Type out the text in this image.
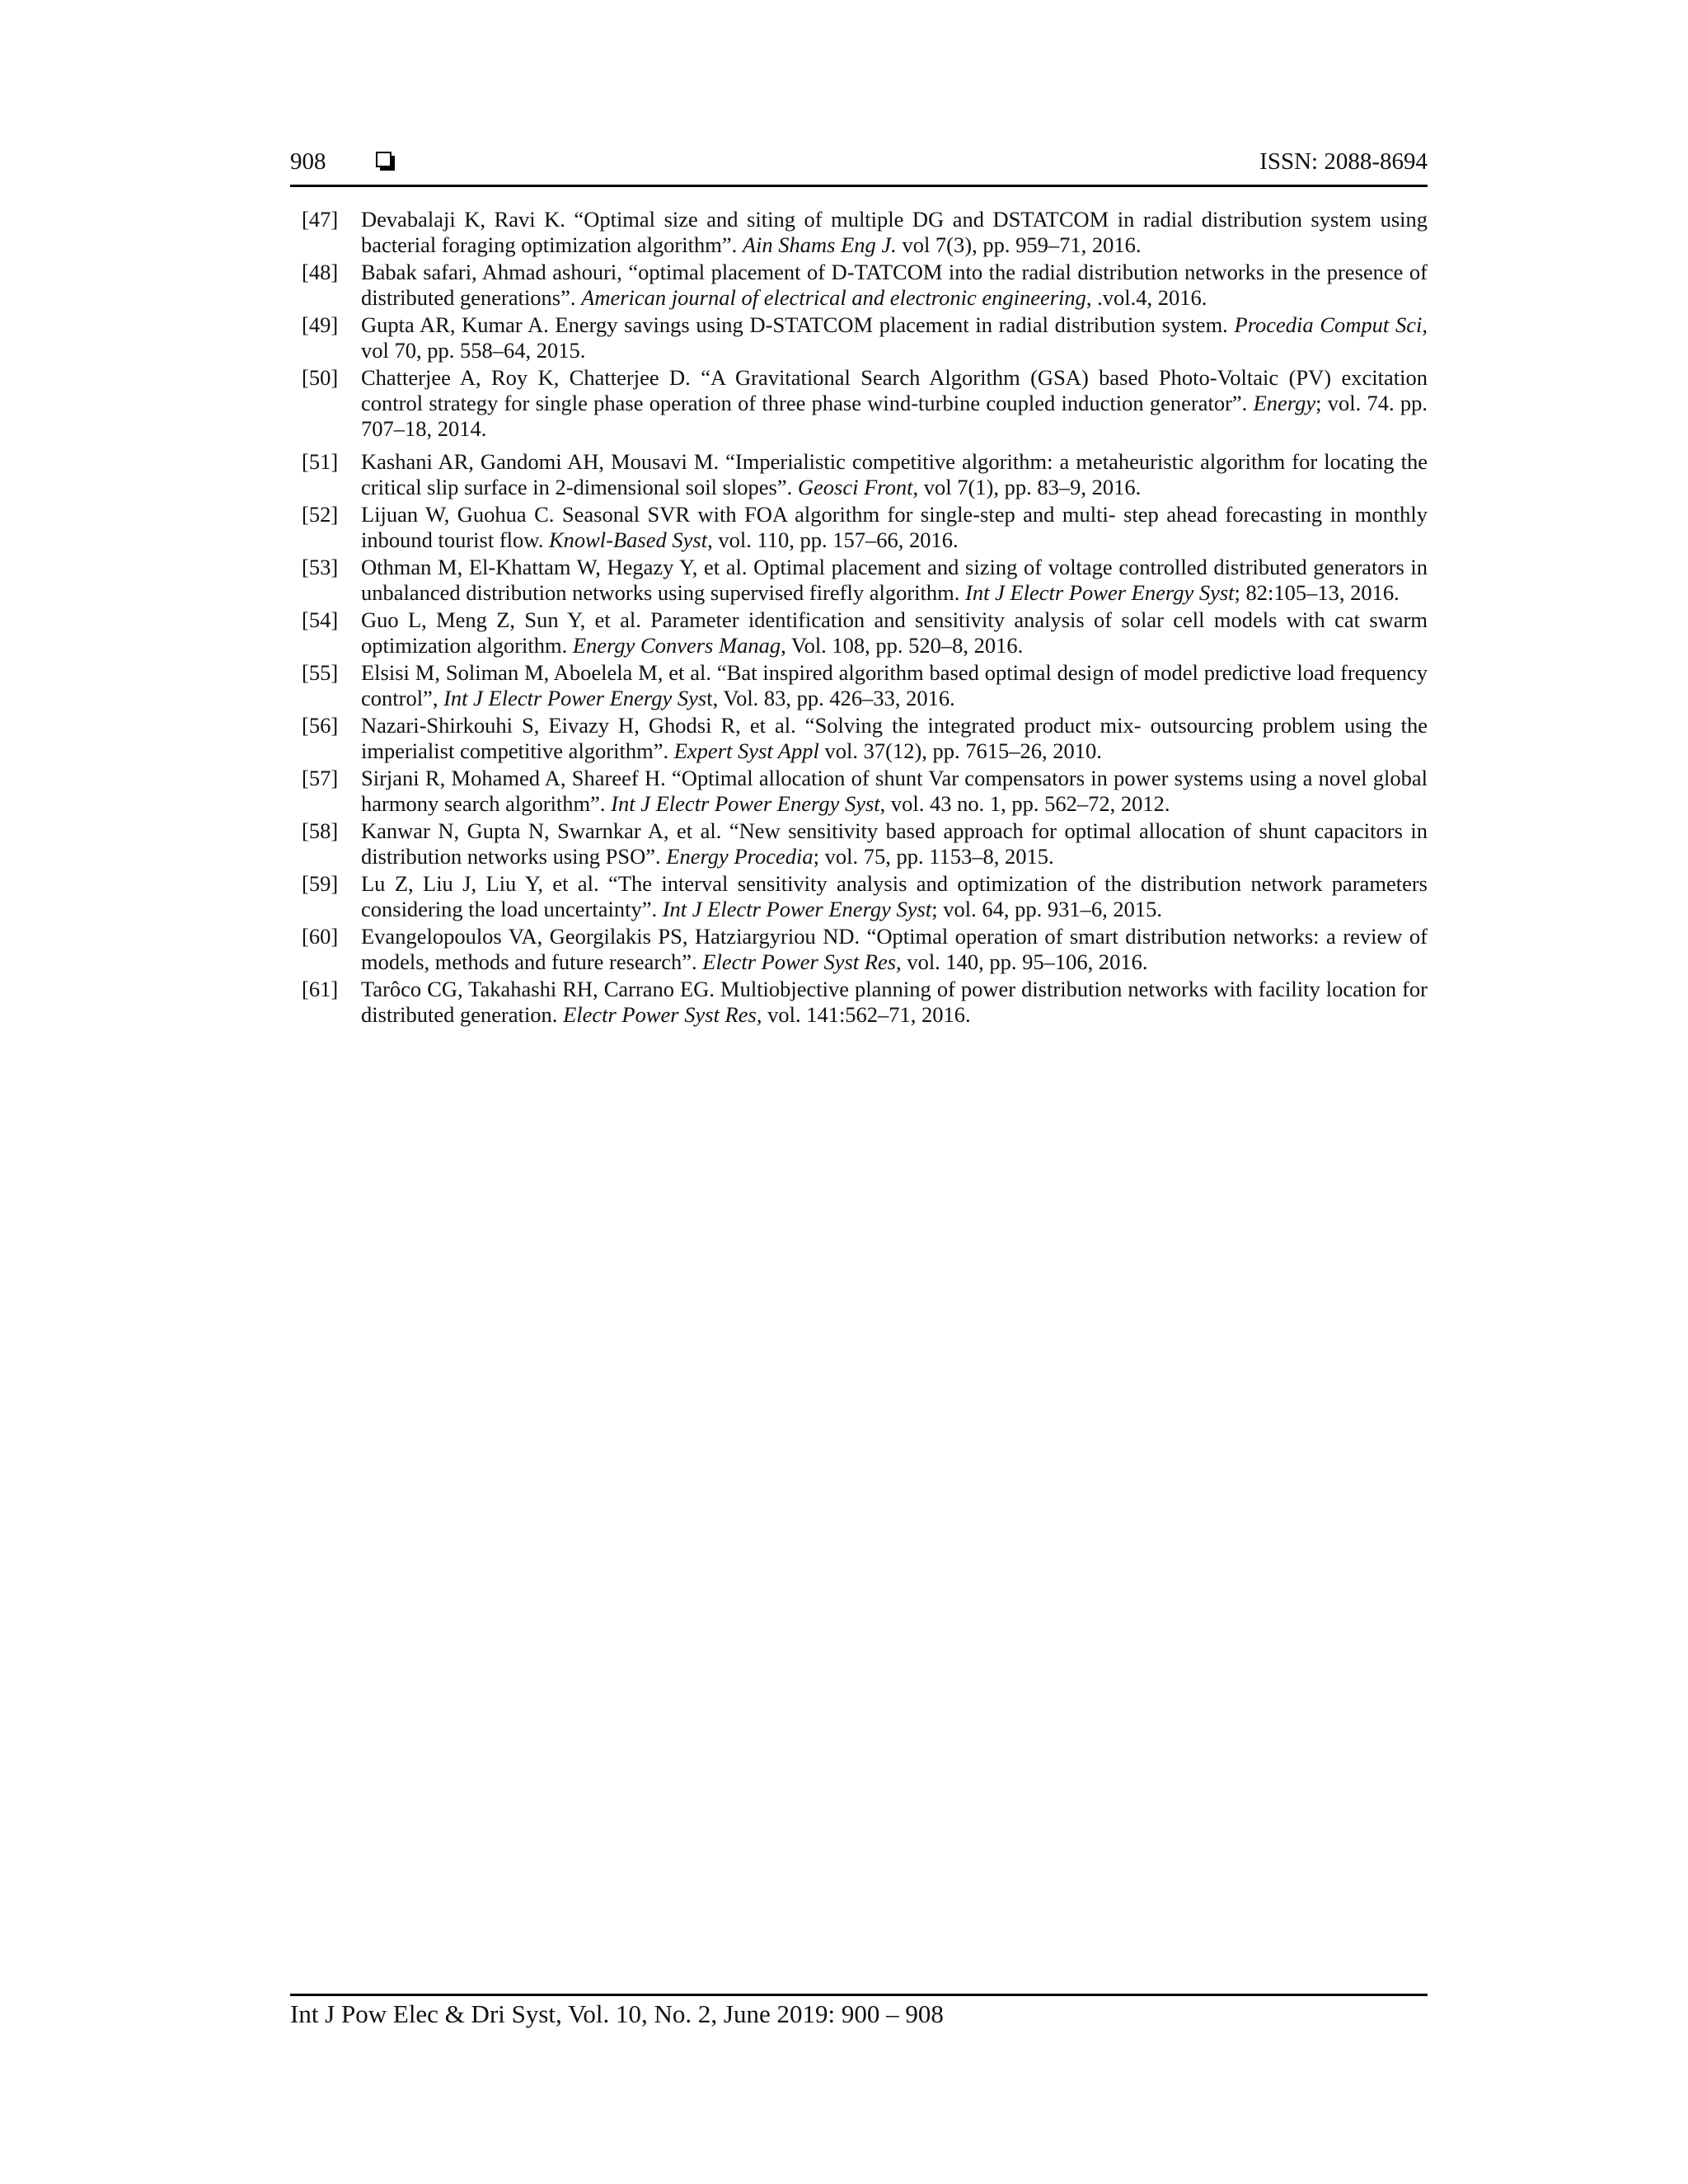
908	ISSN: 2088-8694
[47]	Devabalaji K, Ravi K. “Optimal size and siting of multiple DG and DSTATCOM in radial distribution system using bacterial foraging optimization algorithm”. Ain Shams Eng J. vol 7(3), pp. 959–71, 2016.
[48]	Babak safari, Ahmad ashouri, “optimal placement of D-TATCOM into the radial distribution networks in the presence of distributed generations”. American journal of electrical and electronic engineering, .vol.4, 2016.
[49]	Gupta AR, Kumar A. Energy savings using D-STATCOM placement in radial distribution system. Procedia Comput Sci, vol 70, pp. 558–64, 2015.
[50]	Chatterjee A, Roy K, Chatterjee D. “A Gravitational Search Algorithm (GSA) based Photo-Voltaic (PV) excitation control strategy for single phase operation of three phase wind-turbine coupled induction generator”. Energy; vol. 74. pp. 707–18, 2014.
[51]	Kashani AR, Gandomi AH, Mousavi M. “Imperialistic competitive algorithm: a metaheuristic algorithm for locating the critical slip surface in 2-dimensional soil slopes”. Geosci Front, vol 7(1), pp. 83–9, 2016.
[52]	Lijuan W, Guohua C. Seasonal SVR with FOA algorithm for single-step and multi- step ahead forecasting in monthly inbound tourist flow. Knowl-Based Syst, vol. 110, pp. 157–66, 2016.
[53]	Othman M, El-Khattam W, Hegazy Y, et al. Optimal placement and sizing of voltage controlled distributed generators in unbalanced distribution networks using supervised firefly algorithm. Int J Electr Power Energy Syst; 82:105–13, 2016.
[54]	Guo L, Meng Z, Sun Y, et al. Parameter identification and sensitivity analysis of solar cell models with cat swarm optimization algorithm. Energy Convers Manag, Vol. 108, pp. 520–8, 2016.
[55]	Elsisi M, Soliman M, Aboelela M, et al. “Bat inspired algorithm based optimal design of model predictive load frequency control”, Int J Electr Power Energy Syst, Vol. 83, pp. 426–33, 2016.
[56]	Nazari-Shirkouhi S, Eivazy H, Ghodsi R, et al. “Solving the integrated product mix- outsourcing problem using the imperialist competitive algorithm”. Expert Syst Appl vol. 37(12), pp. 7615–26, 2010.
[57]	Sirjani R, Mohamed A, Shareef H. “Optimal allocation of shunt Var compensators in power systems using a novel global harmony search algorithm”. Int J Electr Power Energy Syst, vol. 43 no. 1, pp. 562–72, 2012.
[58]	Kanwar N, Gupta N, Swarnkar A, et al. “New sensitivity based approach for optimal allocation of shunt capacitors in distribution networks using PSO”. Energy Procedia; vol. 75, pp. 1153–8, 2015.
[59]	Lu Z, Liu J, Liu Y, et al. “The interval sensitivity analysis and optimization of the distribution network parameters considering the load uncertainty”. Int J Electr Power Energy Syst; vol. 64, pp. 931–6, 2015.
[60]	Evangelopoulos VA, Georgilakis PS, Hatziargyriou ND. “Optimal operation of smart distribution networks: a review of models, methods and future research”. Electr Power Syst Res, vol. 140, pp. 95–106, 2016.
[61]	Tarôco CG, Takahashi RH, Carrano EG. Multiobjective planning of power distribution networks with facility location for distributed generation. Electr Power Syst Res, vol. 141:562–71, 2016.
Int J Pow Elec & Dri Syst, Vol. 10, No. 2, June 2019: 900 – 908
